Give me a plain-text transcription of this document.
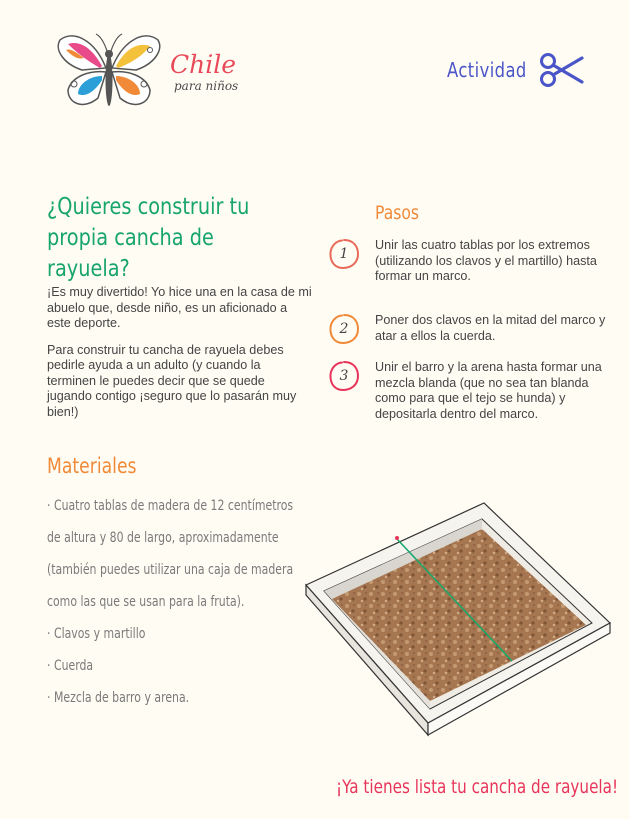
Chile
para niños
Actividad
¿Quieres construir tu propia cancha de rayuela?

¡Es muy divertido! Yo hice una en la casa de mi abuelo que, desde niño, es un aficionado a este deporte.

Para construir tu cancha de rayuela debes pedirle ayuda a un adulto (y cuando la terminen le puedes decir que se quede jugando contigo ¡seguro que lo pasarán muy bien!)

Pasos
1
Unir las cuatro tablas por los extremos (utilizando los clavos y el martillo) hasta formar un marco.
2
Poner dos clavos en la mitad del marco y atar a ellos la cuerda.
3
Unir el barro y la arena hasta formar una mezcla blanda (que no sea tan blanda como para que el tejo se hunda) y depositarla dentro del marco.
Materiales
· Cuatro tablas de madera de 12 centímetros
de altura y 80 de largo, aproximadamente
(también puedes utilizar una caja de madera
como las que se usan para la fruta).
· Clavos y martillo
· Cuerda
· Mezcla de barro y arena.
¡Ya tienes lista tu cancha de rayuela!
